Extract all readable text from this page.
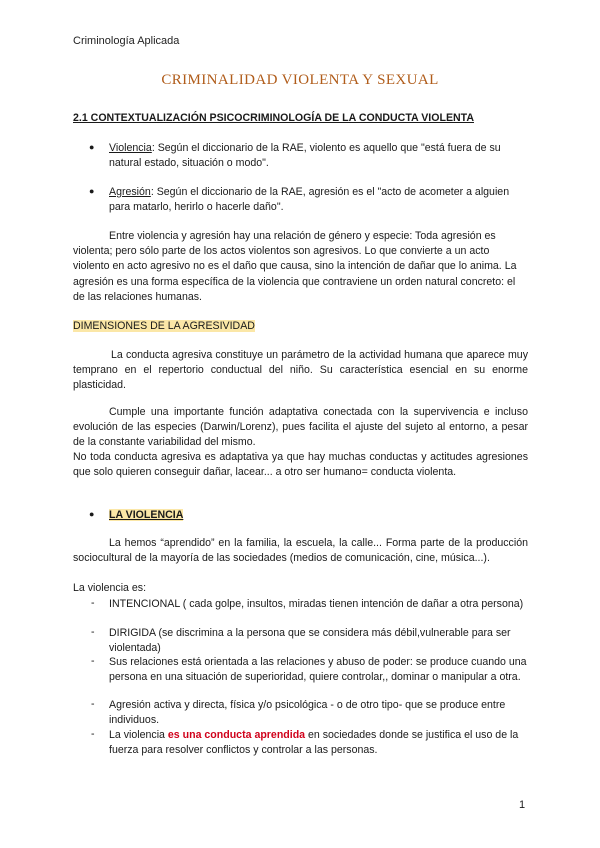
Criminología Aplicada
CRIMINALIDAD VIOLENTA Y SEXUAL
2.1 CONTEXTUALIZACIÓN PSICOCRIMINOLOGÍA DE LA CONDUCTA VIOLENTA
● Violencia: Según el diccionario de la RAE, violento es aquello que "está fuera de su natural estado, situación o modo".
● Agresión: Según el diccionario de la RAE, agresión es el "acto de acometer a alguien para matarlo, herirlo o hacerle daño".
Entre violencia y agresión hay una relación de género y especie: Toda agresión es violenta; pero sólo parte de los actos violentos son agresivos. Lo que convierte a un acto violento en acto agresivo no es el daño que causa, sino la intención de dañar que lo anima. La agresión es una forma específica de la violencia que contraviene un orden natural concreto: el de las relaciones humanas.
DIMENSIONES DE LA AGRESIVIDAD
La conducta agresiva constituye un parámetro de la actividad humana que aparece muy temprano en el repertorio conductual del niño. Su característica esencial en su enorme plasticidad.
Cumple una importante función adaptativa conectada con la supervivencia e incluso evolución de las especies (Darwin/Lorenz), pues facilita el ajuste del sujeto al entorno, a pesar de la constante variabilidad del mismo.
No toda conducta agresiva es adaptativa ya que hay muchas conductas y actitudes agresiones que solo quieren conseguir dañar, lacear... a otro ser humano= conducta violenta.
● LA VIOLENCIA
La hemos “aprendido” en la familia, la escuela, la calle... Forma parte de la producción sociocultural de la mayoría de las sociedades (medios de comunicación, cine, música...).
La violencia es:
- INTENCIONAL ( cada golpe, insultos, miradas tienen intención de dañar a otra persona)
- DIRIGIDA (se discrimina a la persona que se considera más débil,vulnerable para ser violentada)
- Sus relaciones está orientada a las relaciones y abuso de poder: se produce cuando una persona en una situación de superioridad, quiere controlar,, dominar o manipular a otra.
- Agresión activa y directa, física y/o psicológica - o de otro tipo- que se produce entre individuos.
- La violencia es una conducta aprendida en sociedades donde se justifica el uso de la fuerza para resolver conflictos y controlar a las personas.
1
